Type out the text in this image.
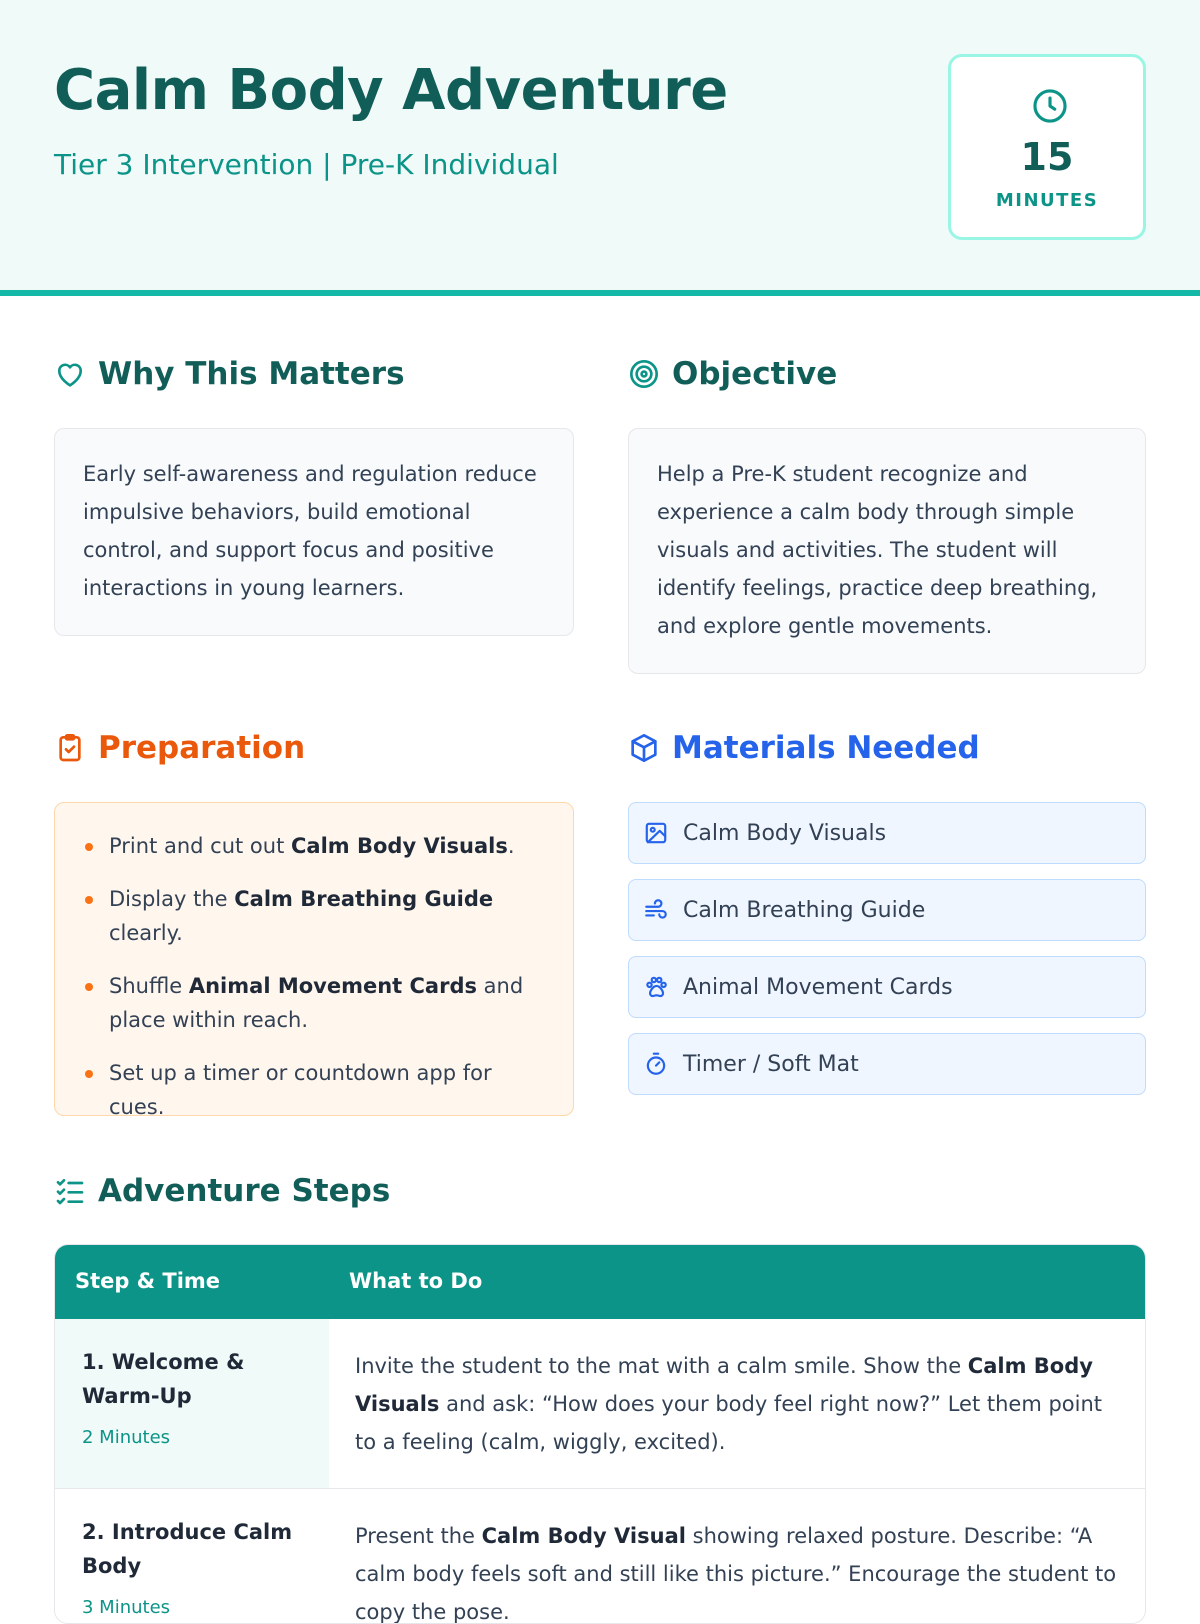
Calm Body Adventure
Tier 3 Intervention | Pre-K Individual	15
MINUTES
Why This Matters
Early self-awareness and regulation reduce impulsive behaviors, build emotional control, and support focus and positive interactions in young learners.
Objective
Help a Pre-K student recognize and experience a calm body through simple visuals and activities. The student will identify feelings, practice deep breathing, and explore gentle movements.
Preparation
Print and cut out Calm Body Visuals.
Display the Calm Breathing Guide clearly.
Shuffle Animal Movement Cards and place within reach.
Set up a timer or countdown app for cues.
Materials Needed
Calm Body Visuals
Calm Breathing Guide
Animal Movement Cards
Timer / Soft Mat
Adventure Steps
Step & Time	What to Do
1. Welcome & Warm-Up
2 Minutes
Invite the student to the mat with a calm smile. Show the Calm Body Visuals and ask: “How does your body feel right now?” Let them point to a feeling (calm, wiggly, excited).
2. Introduce Calm Body
3 Minutes
Present the Calm Body Visual showing relaxed posture. Describe: “A calm body feels soft and still like this picture.” Encourage the student to copy the pose.
